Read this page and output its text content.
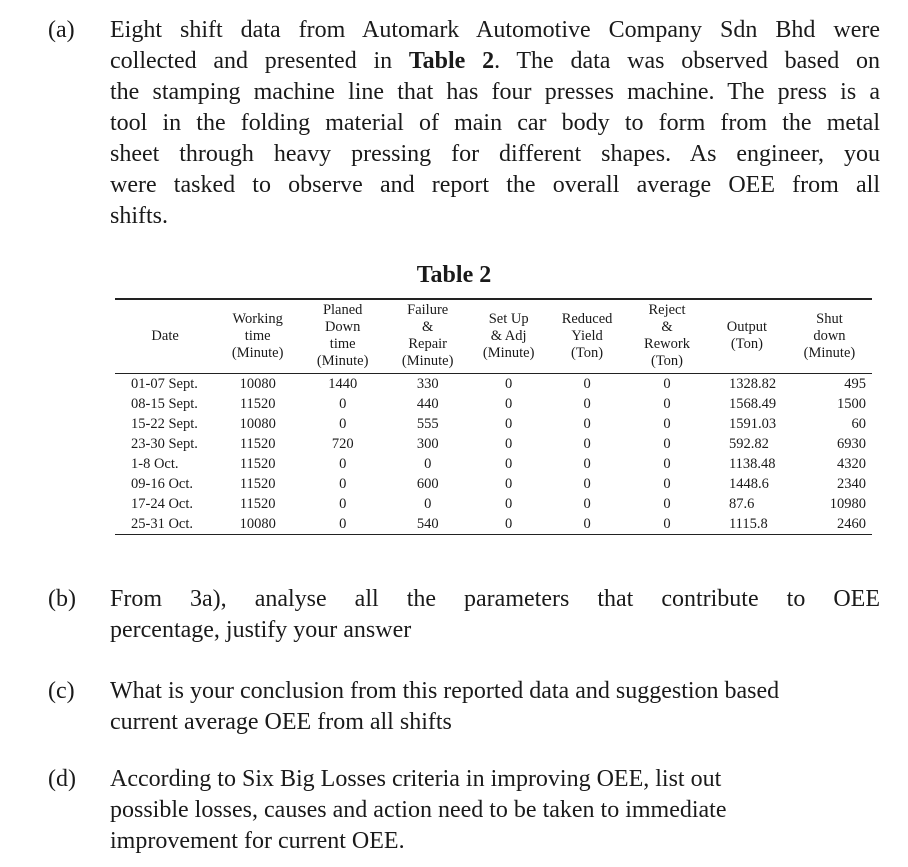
(a) Eight shift data from Automark Automotive Company Sdn Bhd were
collected and presented in Table 2. The data was observed based on
the stamping machine line that has four presses machine. The press is a
tool in the folding material of main car body to form from the metal
sheet through heavy pressing for different shapes. As engineer, you
were tasked to observe and report the overall average OEE from all
shifts.
Table 2
Date	Working
time
(Minute)	Planed
Down
time
(Minute)	Failure
&
Repair
(Minute)	Set Up
& Adj
(Minute)	Reduced
Yield
(Ton)	Reject
&
Rework
(Ton)	Output
(Ton)	Shut
down
(Minute)
01-07 Sept.	10080	1440	330	0	0	0	1328.82	495
08-15 Sept.	11520	0	440	0	0	0	1568.49	1500
15-22 Sept.	10080	0	555	0	0	0	1591.03	60
23-30 Sept.	11520	720	300	0	0	0	592.82	6930
1-8 Oct.	11520	0	0	0	0	0	1138.48	4320
09-16 Oct.	11520	0	600	0	0	0	1448.6	2340
17-24 Oct.	11520	0	0	0	0	0	87.6	10980
25-31 Oct.	10080	0	540	0	0	0	1115.8	2460
(b) From 3a), analyse all the parameters that contribute to OEE
percentage, justify your answer
(c) What is your conclusion from this reported data and suggestion based
current average OEE from all shifts
(d) According to Six Big Losses criteria in improving OEE, list out
possible losses, causes and action need to be taken to immediate
improvement for current OEE.
